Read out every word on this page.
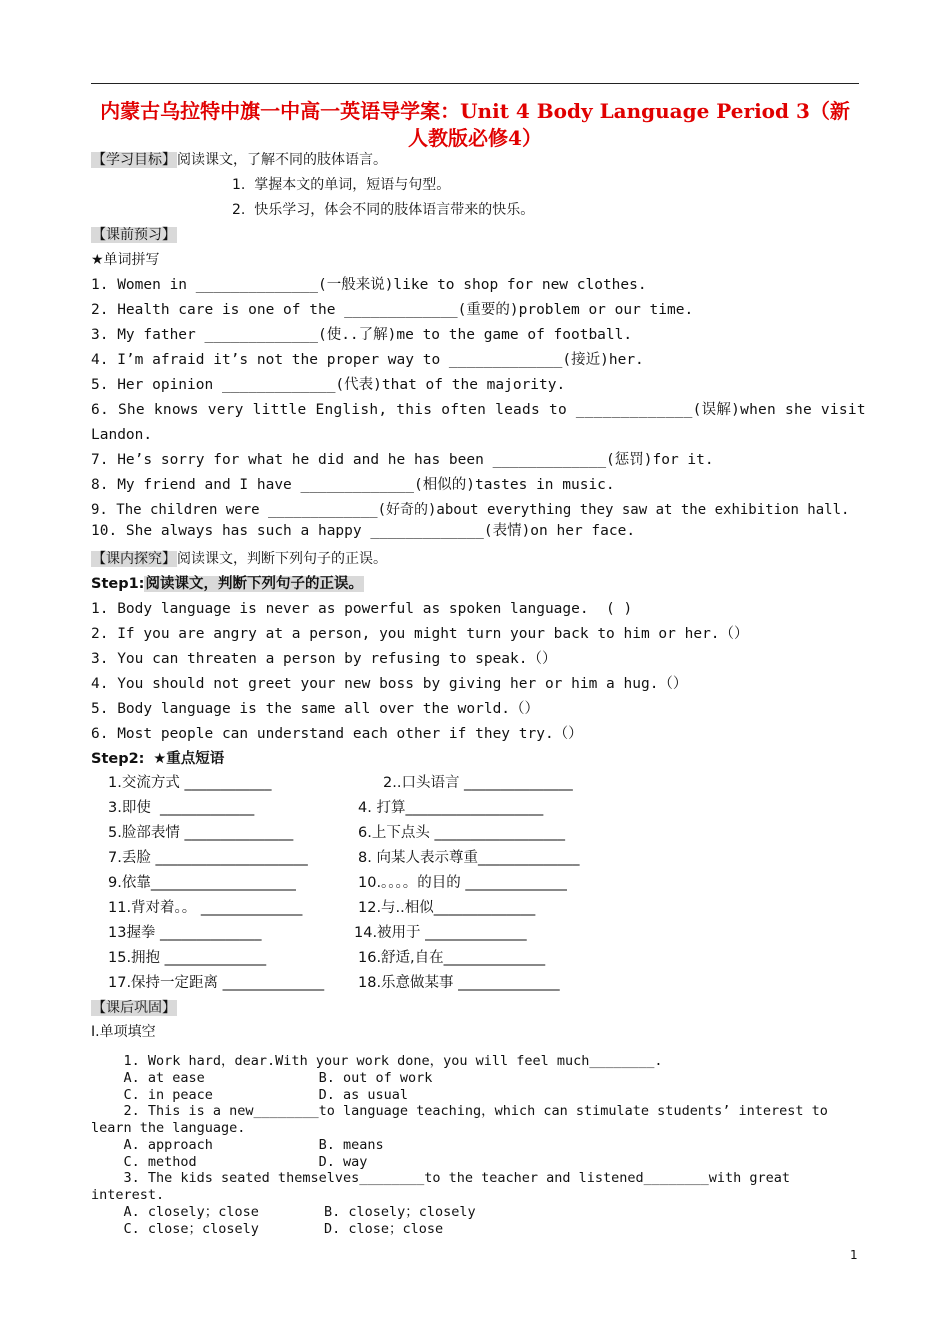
内蒙古乌拉特中旗一中高一英语导学案：Unit 4 Body Language Period 3（新
人教版必修4）
【学习目标】阅读课文，了解不同的肢体语言。
1.  掌握本文的单词，短语与句型。
2.  快乐学习，体会不同的肢体语言带来的快乐。
【课前预习】
★单词拼写
1. Women in ______________(一般来说)like to shop for new clothes.
2. Health care is one of the _____________(重要的)problem or our time.
3. My father _____________(使..了解)me to the game of football.
4. I’m afraid it’s not the proper way to _____________(接近)her.
5. Her opinion _____________(代表)that of the majority.
6. She knows very little English, this often leads to _____________(误解)when she visit
Landon.
7. He’s sorry for what he did and he has been _____________(惩罚)for it.
8. My friend and I have _____________(相似的)tastes in music.
9. The children were _____________(好奇的)about everything they saw at the exhibition hall.
10. She always has such a happy _____________(表情)on her face.
【课内探究】阅读课文，判断下列句子的正误。
Step1:阅读课文，判断下列句子的正误。
1. Body language is never as powerful as spoken language.  ( )
2. If you are angry at a person, you might turn your back to him or her.（）
3. You can threaten a person by refusing to speak.（）
4. You should not greet your new boss by giving her or him a hug.（）
5. Body language is the same all over the world.（）
6. Most people can understand each other if they try.（）
Step2: ★重点短语
1.交流方式 ____________
3.即使  _____________
5.脸部表情 _______________
7.丢脸 _____________________
9.依靠____________________
11.背对着。。 ______________
13握拳 ______________
15.拥抱 ______________
17.保持一定距离 ______________
2..口头语言 _______________
4. 打算___________________
6.上下点头 __________________
8. 向某人表示尊重______________
10.。。。。的目的 ______________
12.与..相似______________
14.被用于 ______________
16.舒适,自在______________
18.乐意做某事 ______________
【课后巩固】
Ⅰ.单项填空
1. Work hard，dear.With your work done，you will feel much________.
A. at ease              B. out of work
C. in peace             D. as usual
2. This is a new________to language teaching，which can stimulate students’ interest to
learn the language.
A. approach             B. means
C. method               D. way
3. The kids seated themselves________to the teacher and listened________with great
interest.
A. closely；close        B. closely；closely
C. close；closely        D. close；close
1
